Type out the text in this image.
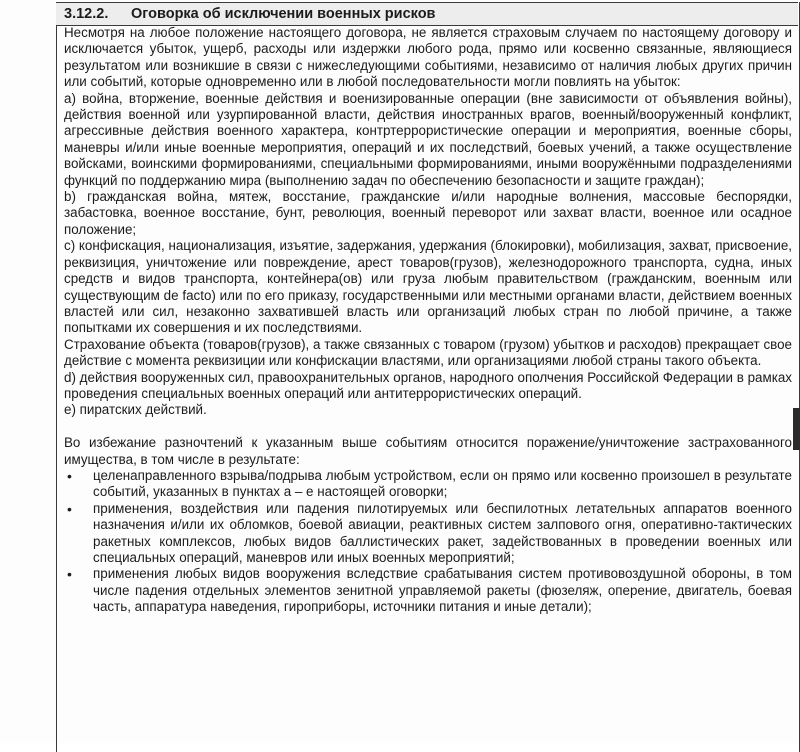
3.12.2. Оговорка об исключении военных рисков

Несмотря на любое положение настоящего договора, не является страховым случаем по настоящему договору и исключается убыток, ущерб, расходы или издержки любого рода, прямо или косвенно связанные, являющиеся результатом или возникшие в связи с нижеследующими событиями, независимо от наличия любых других причин или событий, которые одновременно или в любой последовательности могли повлиять на убыток:

a) война, вторжение, военные действия и военизированные операции (вне зависимости от объявления войны), действия военной или узурпированной власти, действия иностранных врагов, военный/вооруженный конфликт, агрессивные действия военного характера, контртеррористические операции и мероприятия, военные сборы, маневры и/или иные военные мероприятия, операций и их последствий, боевых учений, а также осуществление войсками, воинскими формированиями, специальными формированиями, иными вооружёнными подразделениями функций по поддержанию мира (выполнению задач по обеспечению безопасности и защите граждан);

b) гражданская война, мятеж, восстание, гражданские и/или народные волнения, массовые беспорядки, забастовка, военное восстание, бунт, революция, военный переворот или захват власти, военное или осадное положение;

c) конфискация, национализация, изъятие, задержания, удержания (блокировки), мобилизация, захват, присвоение, реквизиция, уничтожение или повреждение, арест товаров(грузов), железнодорожного транспорта, судна, иных средств и видов транспорта, контейнера(ов) или груза любым правительством (гражданским, военным или существующим de facto) или по его приказу, государственными или местными органами власти, действием военных властей или сил, незаконно захватившей власть или организаций любых стран по любой причине, а также попытками их совершения и их последствиями.

Страхование объекта (товаров(грузов), а также связанных с товаром (грузом) убытков и расходов) прекращает свое действие с момента реквизиции или конфискации властями, или организациями любой страны такого объекта.

d) действия вооруженных сил, правоохранительных органов, народного ополчения Российской Федерации в рамках проведения специальных военных операций или антитеррористических операций.

e) пиратских действий.

Во избежание разночтений к указанным выше событиям относится поражение/уничтожение застрахованного имущества, в том числе в результате:

• целенаправленного взрыва/подрыва любым устройством, если он прямо или косвенно произошел в результате событий, указанных в пунктах а – е настоящей оговорки;
• применения, воздействия или падения пилотируемых или беспилотных летательных аппаратов военного назначения и/или их обломков, боевой авиации, реактивных систем залпового огня, оперативно-тактических ракетных комплексов, любых видов баллистических ракет, задействованных в проведении военных или специальных операций, маневров или иных военных мероприятий;
• применения любых видов вооружения вследствие срабатывания систем противовоздушной обороны, в том числе падения отдельных элементов зенитной управляемой ракеты (фюзеляж, оперение, двигатель, боевая часть, аппаратура наведения, гироприборы, источники питания и иные детали);
